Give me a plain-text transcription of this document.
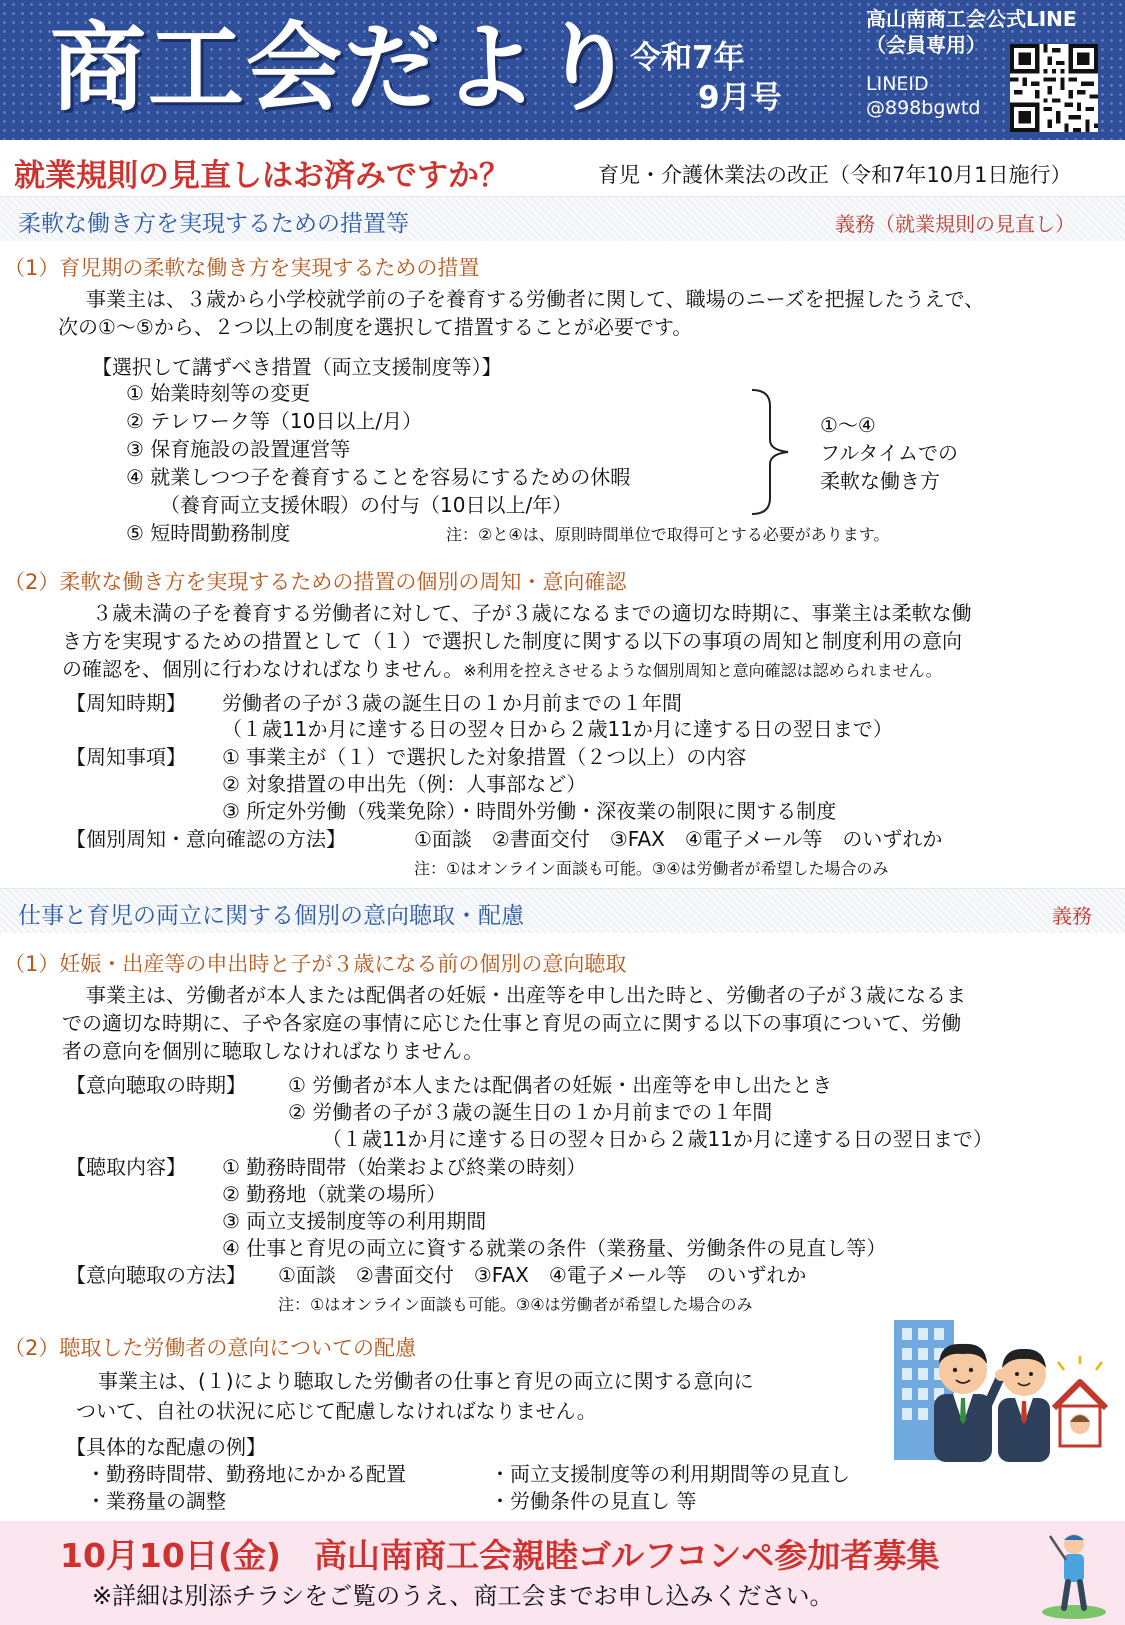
商工会だより
令和7年
9月号
高山南商工会公式LINE
（会員専用）
LINEID
@898bgwtd
就業規則の見直しはお済みですか？	育児・介護休業法の改正（令和7年10月1日施行）
柔軟な働き方を実現するための措置等	義務（就業規則の見直し）
（1）育児期の柔軟な働き方を実現するための措置
事業主は、３歳から小学校就学前の子を養育する労働者に関して、職場のニーズを把握したうえで、
次の①～⑤から、２つ以上の制度を選択して措置することが必要です。
【選択して講ずべき措置（両立支援制度等）】
① 始業時刻等の変更
② テレワーク等（10日以上/月）
③ 保育施設の設置運営等
④ 就業しつつ子を養育することを容易にするための休暇
（養育両立支援休暇）の付与（10日以上/年）
⑤ 短時間勤務制度
①～④
フルタイムでの
柔軟な働き方
注：②と④は、原則時間単位で取得可とする必要があります。
（2）柔軟な働き方を実現するための措置の個別の周知・意向確認
３歳未満の子を養育する労働者に対して、子が３歳になるまでの適切な時期に、事業主は柔軟な働
き方を実現するための措置として（１）で選択した制度に関する以下の事項の周知と制度利用の意向
の確認を、個別に行わなければなりません。※利用を控えさせるような個別周知と意向確認は認められません。
【周知時期】 労働者の子が３歳の誕生日の１か月前までの１年間
（１歳11か月に達する日の翌々日から２歳11か月に達する日の翌日まで）
【周知事項】 ① 事業主が（１）で選択した対象措置（２つ以上）の内容
② 対象措置の申出先（例：人事部など）
③ 所定外労働（残業免除）・時間外労働・深夜業の制限に関する制度
【個別周知・意向確認の方法】	①面談　②書面交付　③FAX　④電子メール等　のいずれか
注：①はオンライン面談も可能。③④は労働者が希望した場合のみ
仕事と育児の両立に関する個別の意向聴取・配慮	義務
（1）妊娠・出産等の申出時と子が３歳になる前の個別の意向聴取
事業主は、労働者が本人または配偶者の妊娠・出産等を申し出た時と、労働者の子が３歳になるま
での適切な時期に、子や各家庭の事情に応じた仕事と育児の両立に関する以下の事項について、労働
者の意向を個別に聴取しなければなりません。
【意向聴取の時期】 ① 労働者が本人または配偶者の妊娠・出産等を申し出たとき
② 労働者の子が３歳の誕生日の１か月前までの１年間
（１歳11か月に達する日の翌々日から２歳11か月に達する日の翌日まで）
【聴取内容】 ① 勤務時間帯（始業および終業の時刻）
② 勤務地（就業の場所）
③ 両立支援制度等の利用期間
④ 仕事と育児の両立に資する就業の条件（業務量、労働条件の見直し等）
【意向聴取の方法】 ①面談　②書面交付　③FAX　④電子メール等　のいずれか
注：①はオンライン面談も可能。③④は労働者が希望した場合のみ
（2）聴取した労働者の意向についての配慮
事業主は、(１)により聴取した労働者の仕事と育児の両立に関する意向に
ついて、自社の状況に応じて配慮しなければなりません。
【具体的な配慮の例】
・勤務時間帯、勤務地にかかる配置	・両立支援制度等の利用期間等の見直し
・業務量の調整	・労働条件の見直し 等
10月10日(金)　高山南商工会親睦ゴルフコンペ参加者募集
※詳細は別添チラシをご覧のうえ、商工会までお申し込みください。
